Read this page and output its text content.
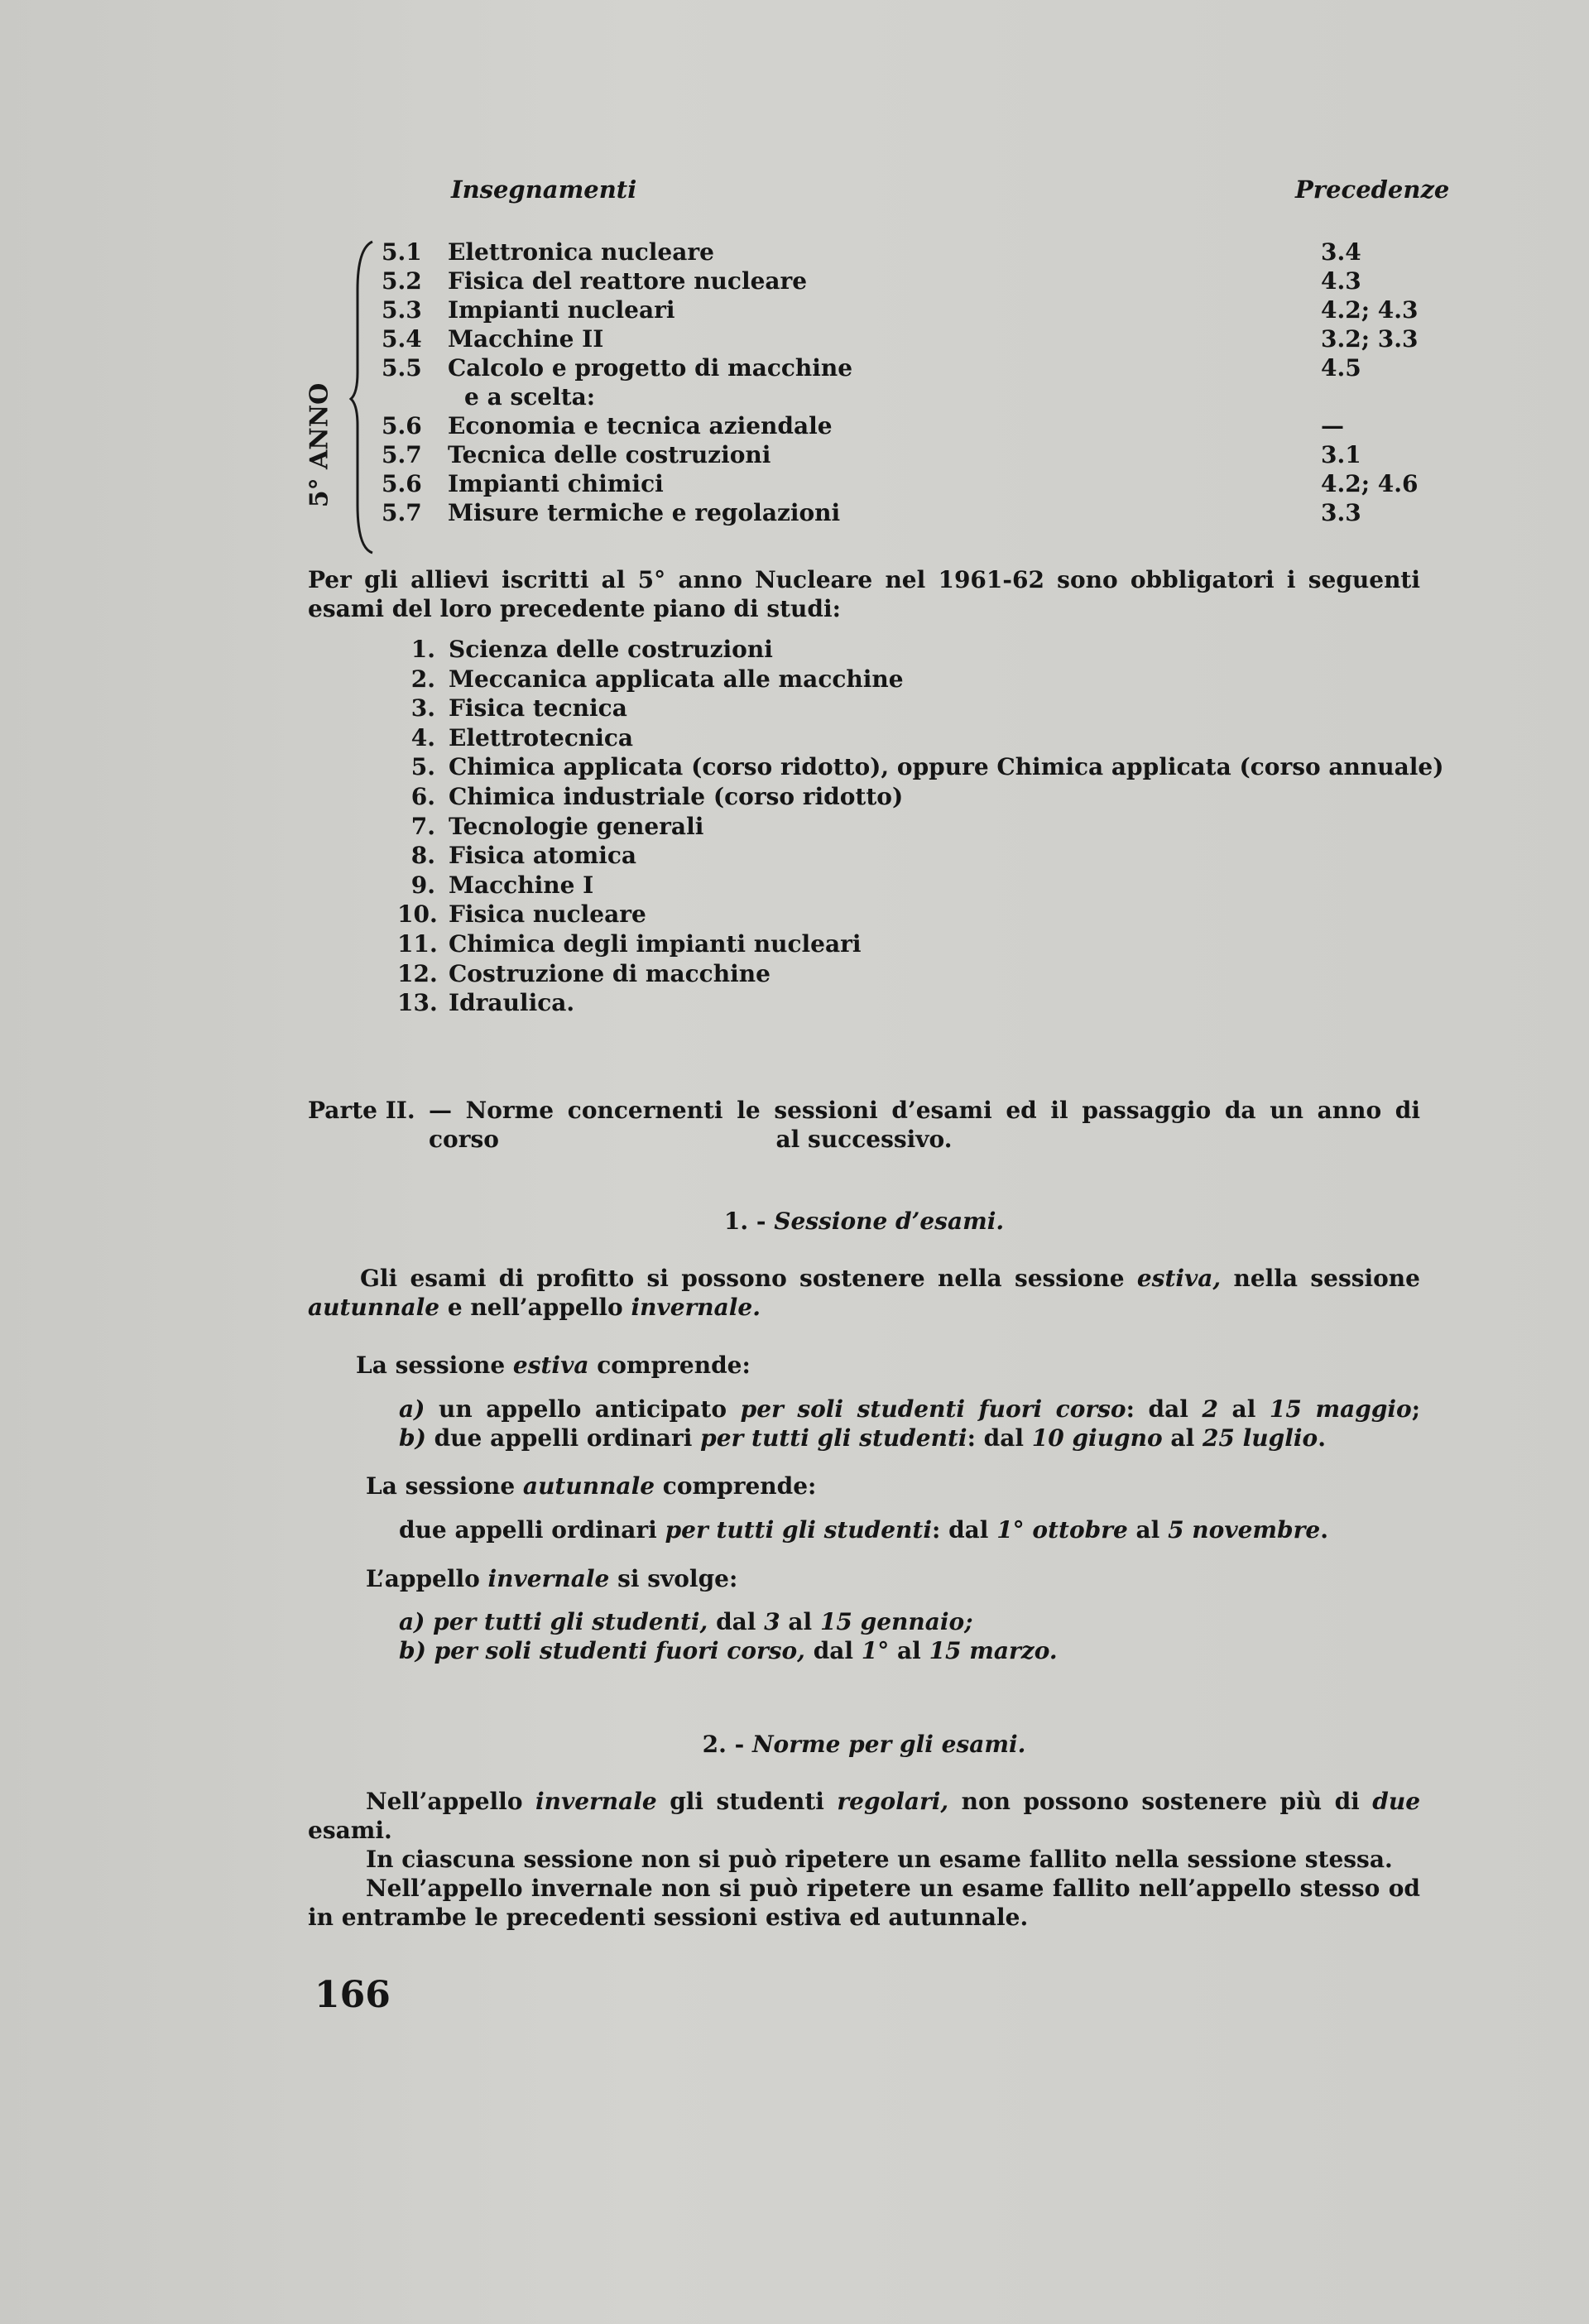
Insegnamenti	Precedenze
5° ANNO
5.1	Elettronica nucleare	3.4
5.2	Fisica del reattore nucleare	4.3
5.3	Impianti nucleari	4.2; 4.3
5.4	Macchine II	3.2; 3.3
5.5	Calcolo e progetto di macchine	4.5
e a scelta:
5.6	Economia e tecnica aziendale	—
5.7	Tecnica delle costruzioni	3.1
5.6	Impianti chimici	4.2; 4.6
5.7	Misure termiche e regolazioni	3.3
Per gli allievi iscritti al 5° anno Nucleare nel 1961-62 sono obbligatori i seguenti
esami del loro precedente piano di studi:
1. Scienza delle costruzioni
2. Meccanica applicata alle macchine
3. Fisica tecnica
4. Elettrotecnica
5. Chimica applicata (corso ridotto), oppure Chimica applicata (corso annuale)
6. Chimica industriale (corso ridotto)
7. Tecnologie generali
8. Fisica atomica
9. Macchine I
10. Fisica nucleare
11. Chimica degli impianti nucleari
12. Costruzione di macchine
13. Idraulica.
Parte II. — Norme concernenti le sessioni d’esami ed il passaggio da un anno di corso	al successivo.
1. - Sessione d’esami.
Gli esami di profitto si possono sostenere nella sessione estiva, nella sessione
autunnale e nell’appello invernale.
La sessione estiva comprende:
a) un appello anticipato per soli studenti fuori corso: dal 2 al 15 maggio;
b) due appelli ordinari per tutti gli studenti: dal 10 giugno al 25 luglio.
La sessione autunnale comprende:
due appelli ordinari per tutti gli studenti: dal 1° ottobre al 5 novembre.
L’appello invernale si svolge:
a) per tutti gli studenti, dal 3 al 15 gennaio;
b) per soli studenti fuori corso, dal 1° al 15 marzo.
2. - Norme per gli esami.
Nell’appello invernale gli studenti regolari, non possono sostenere più di due
esami.
In ciascuna sessione non si può ripetere un esame fallito nella sessione stessa.
Nell’appello invernale non si può ripetere un esame fallito nell’appello stesso od
in entrambe le precedenti sessioni estiva ed autunnale.
166
